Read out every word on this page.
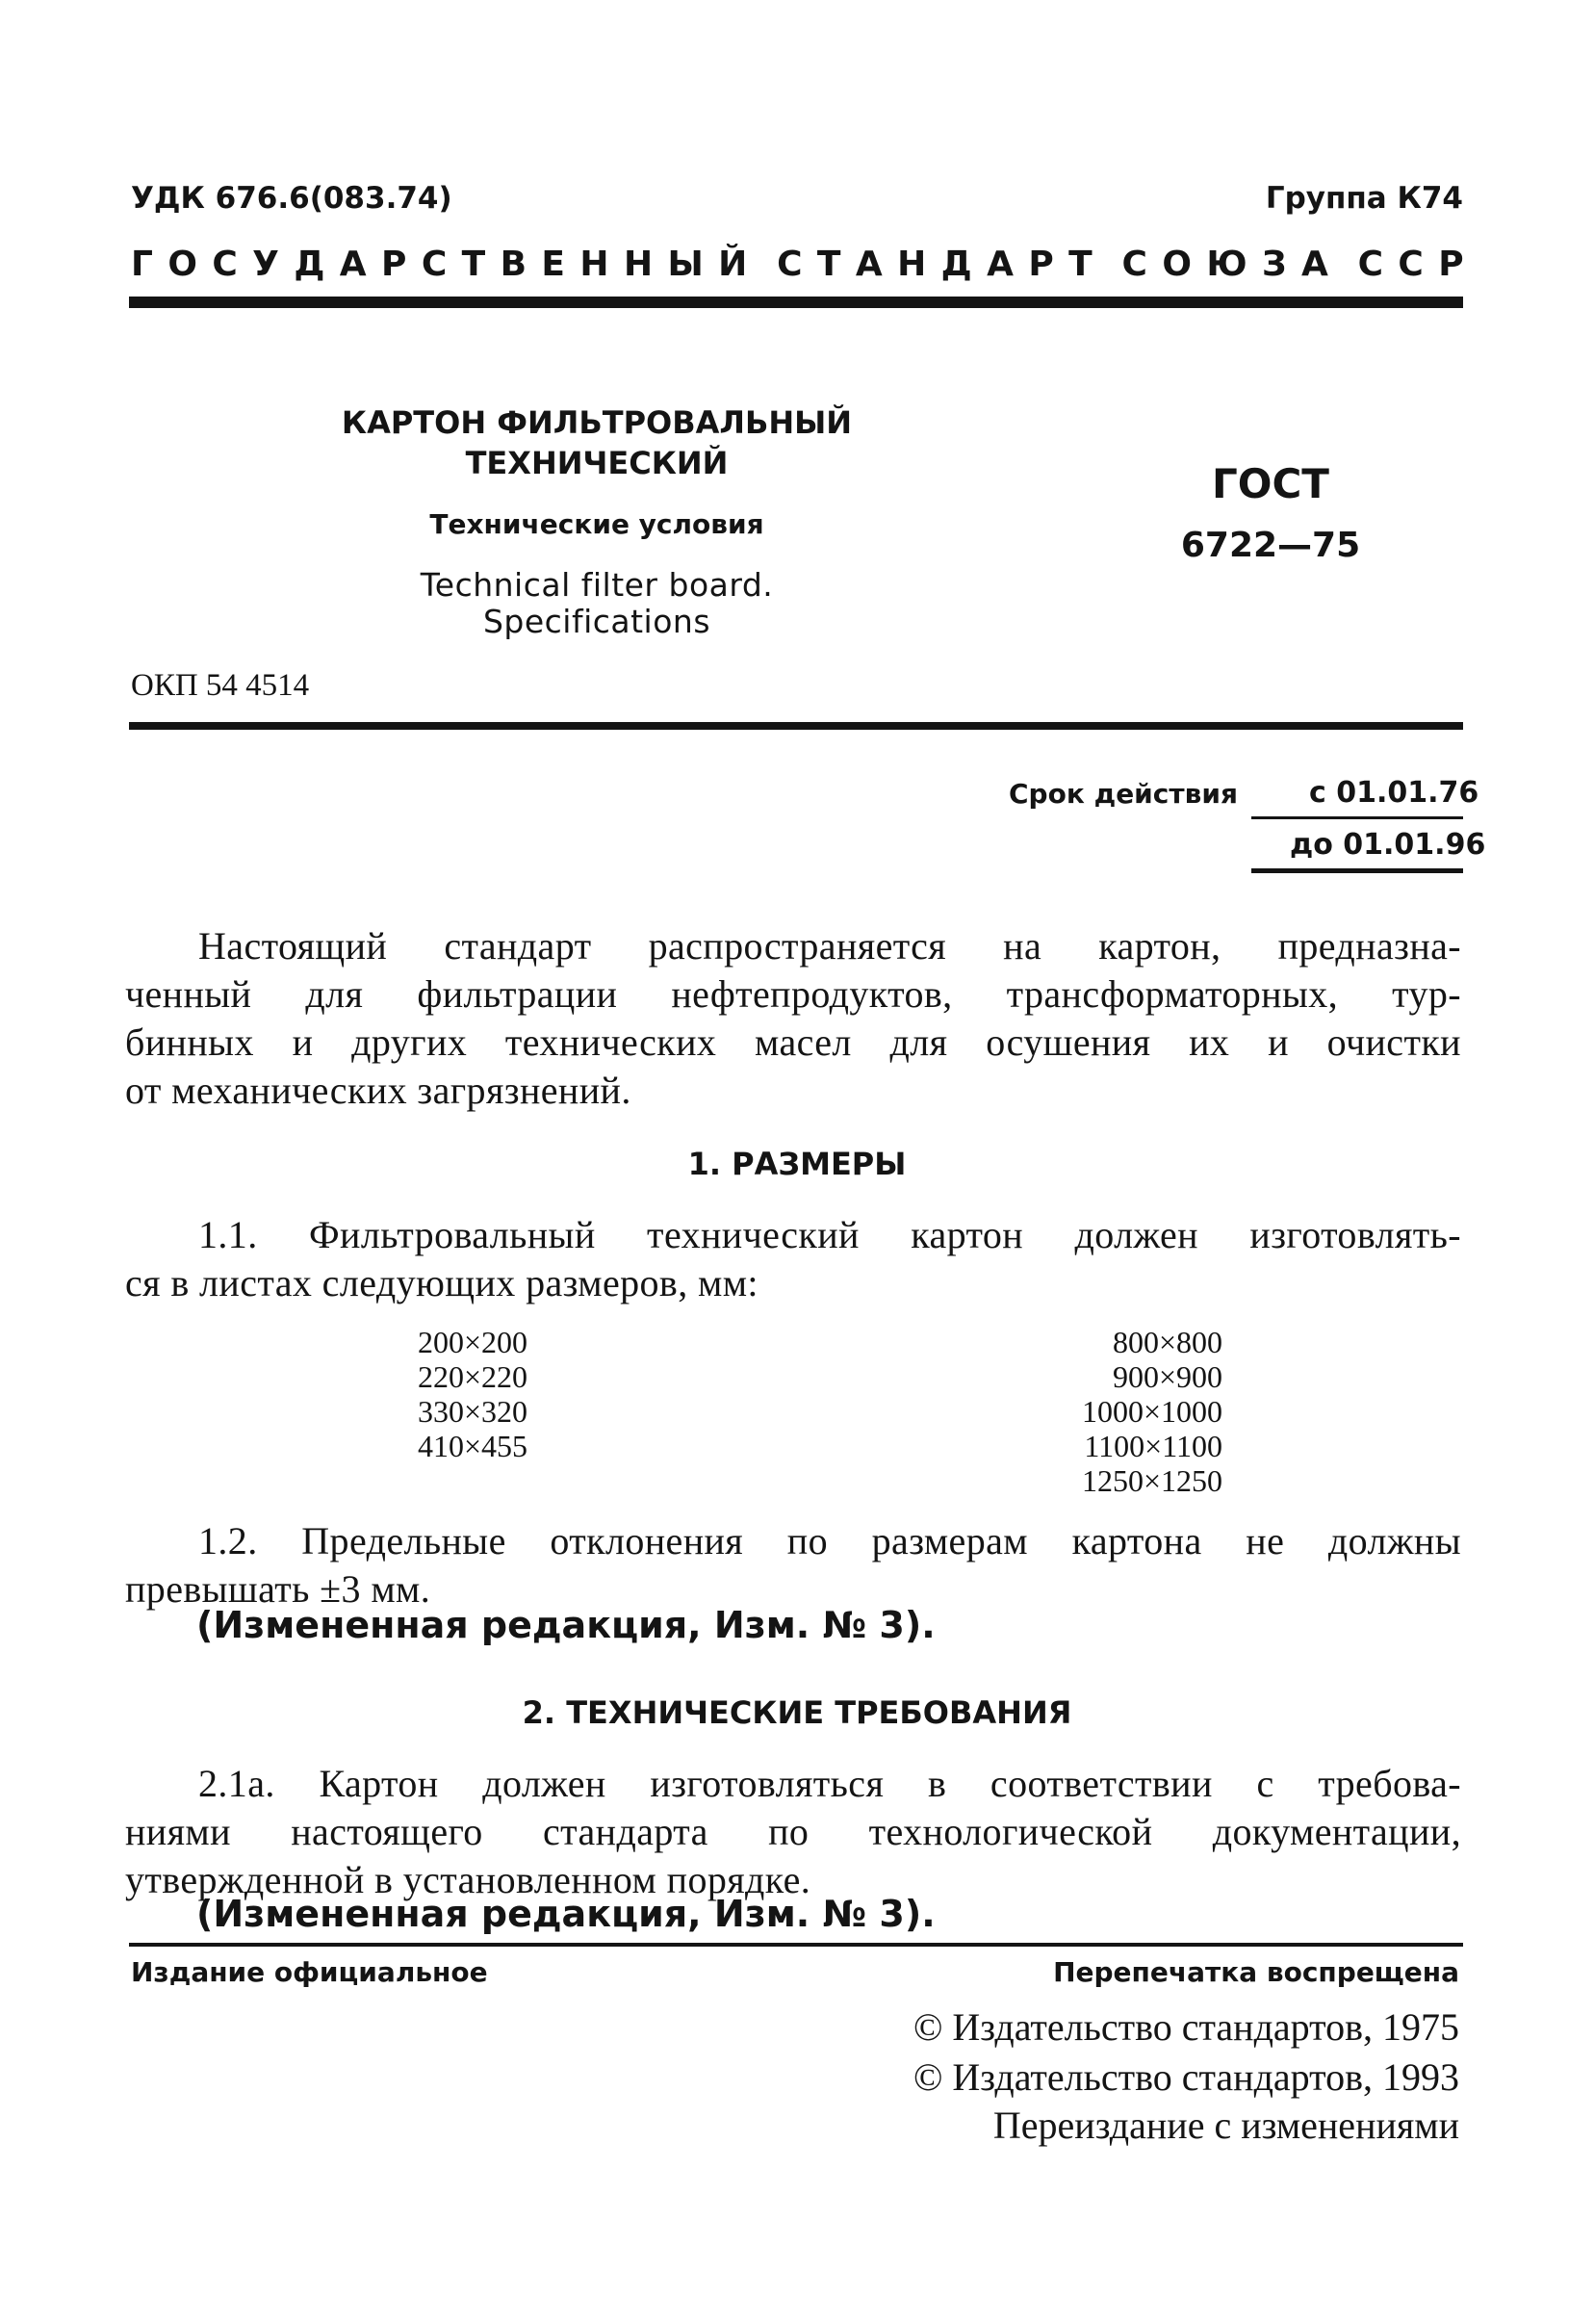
УДК 676.6(083.74)	Группа К74
Г О С У Д А Р С Т В Е Н Н Ы Й С Т А Н Д А Р Т С О Ю З А С С Р
КАРТОН ФИЛЬТРОВАЛЬНЫЙ
ТЕХНИЧЕСКИЙ
Технические условия
Technical filter board.
Specifications
ГОСТ
6722—75
ОКП 54 4514
Срок действия с 01.01.76
до 01.01.96
Настоящий стандарт распространяется на картон, предназна-
ченный для фильтрации нефтепродуктов, трансформаторных, тур-
бинных и других технических масел для осушения их и очистки
от механических загрязнений.
1. РАЗМЕРЫ
1.1. Фильтровальный технический картон должен изготовлять-
ся в листах следующих размеров, мм:
200×200
220×220
330×320
410×455
800×800
900×900
1000×1000
1100×1100
1250×1250
1.2. Предельные отклонения по размерам картона не должны
превышать ±3 мм.
(Измененная редакция, Изм. № 3).
2. ТЕХНИЧЕСКИЕ ТРЕБОВАНИЯ
2.1а. Картон должен изготовляться в соответствии с требова-
ниями настоящего стандарта по технологической документации,
утвержденной в установленном порядке.
(Измененная редакция, Изм. № 3).
Издание официальное	Перепечатка воспрещена
© Издательство стандартов, 1975
© Издательство стандартов, 1993
Переиздание с изменениями
